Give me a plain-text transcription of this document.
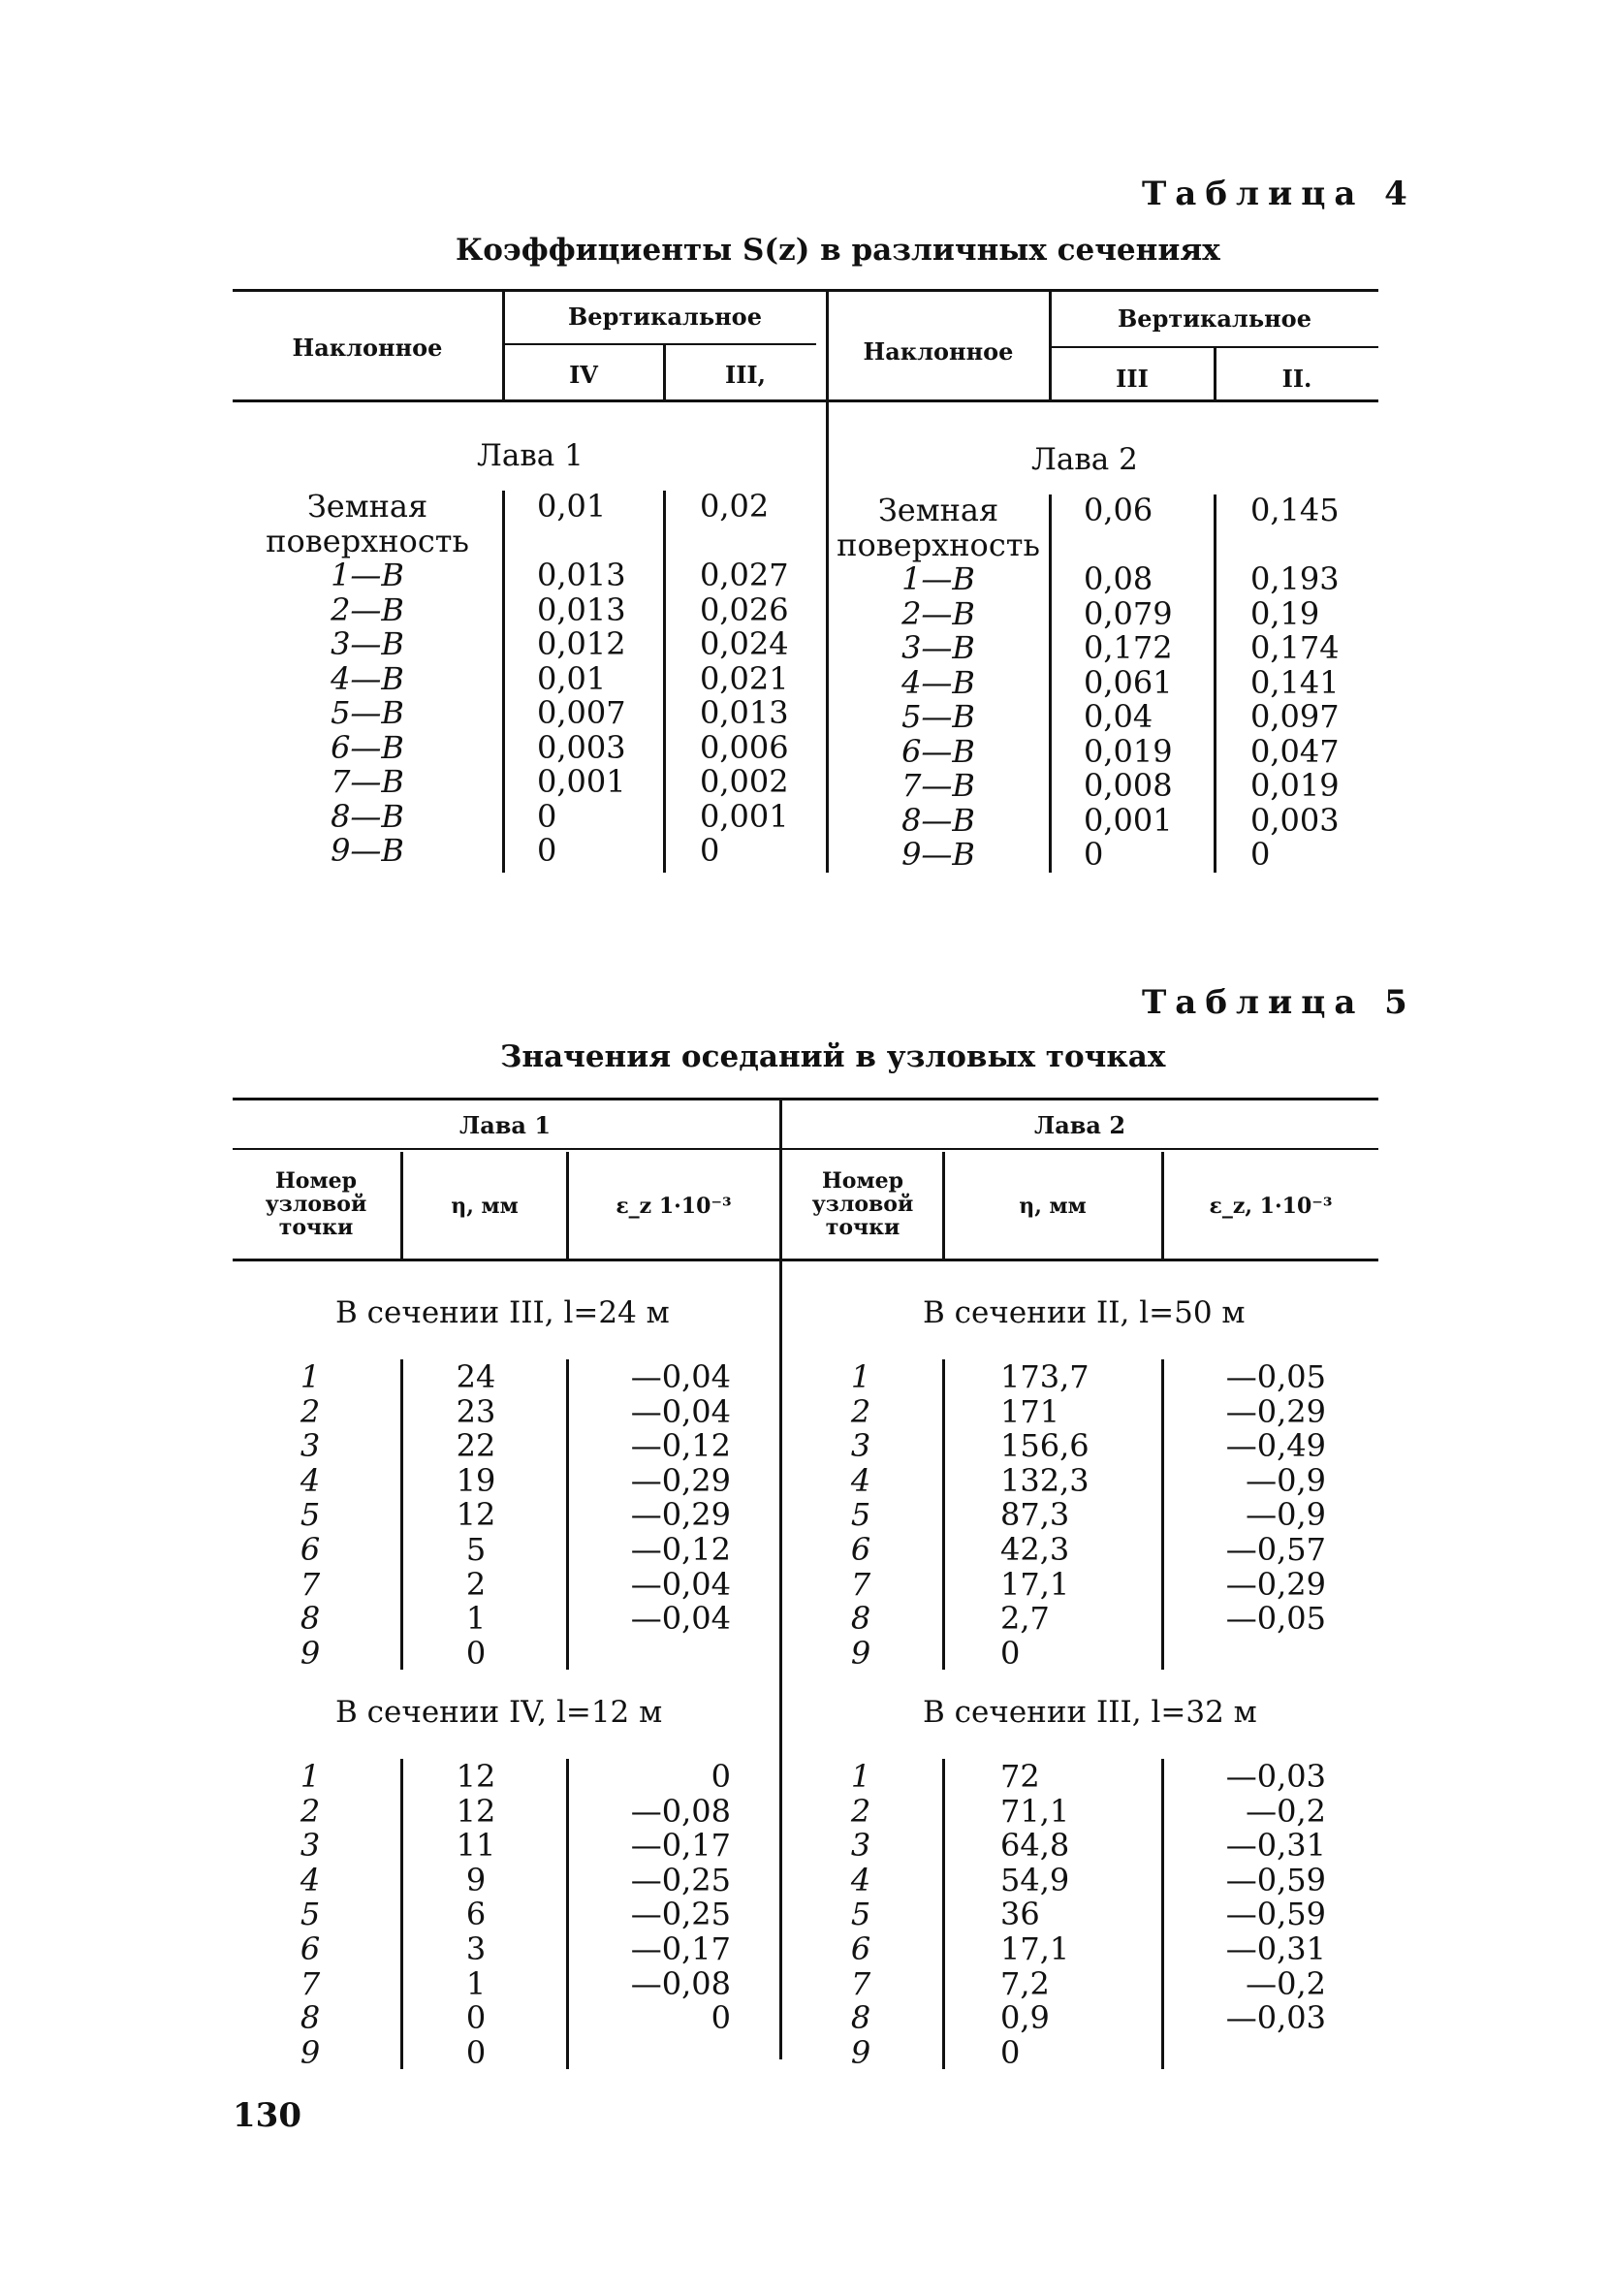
Таблица 4
Коэффициенты S(z) в различных сечениях
Наклонное
Вертикальное
IV	III,
Наклонное
Вертикальное
III	II.
Лава 1	Лава 2
Земная	0,01	0,02
поверхность
1—В	0,013 0,027
2—В	0,013 0,026
3—В	0,012 0,024
4—В	0,01	0,021
5—В	0,007 0,013
6—В	0,003 0,006
7—В	0,001 0,002
8—В	0	0,001
9—В	0	0
Земная	0,06	0,145
поверхность
1—В	0,08	0,193
2—В	0,079	0,19
3—В	0,172	0,174
4—В	0,061	0,141
5—В	0,04	0,097
6—В	0,019	0,047
7—В	0,008	0,019
8—В	0,001	0,003
9—В	0	0
Таблица 5
Значения оседаний в узловых точках
Лава 1	Лава 2
Номер узловой точки
η, мм	ε_z 1·10⁻³
Номер узловой точки
η, мм	ε_z, 1·10⁻³
В сечении III, l=24 м	В сечении II, l=50 м
1	24	—0,04
2	23	—0,04
3	22	—0,12
4	19	—0,29
5	12	—0,29
6	5	—0,12
7	2	—0,04
8	1	—0,04
9	0
1	173,7	—0,05
2	171	—0,29
3	156,6	—0,49
4	132,3	—0,9
5	87,3	—0,9
6	42,3	—0,57
7	17,1	—0,29
8	2,7	—0,05
9	0
В сечении IV, l=12 м	В сечении III, l=32 м
1	12	0
2	12	—0,08
3	11	—0,17
4	9	—0,25
5	6	—0,25
6	3	—0,17
7	1	—0,08
8	0	0
9	0
1	72	—0,03
2	71,1	—0,2
3	64,8	—0,31
4	54,9	—0,59
5	36	—0,59
6	17,1	—0,31
7	7,2	—0,2
8	0,9	—0,03
9	0
130
